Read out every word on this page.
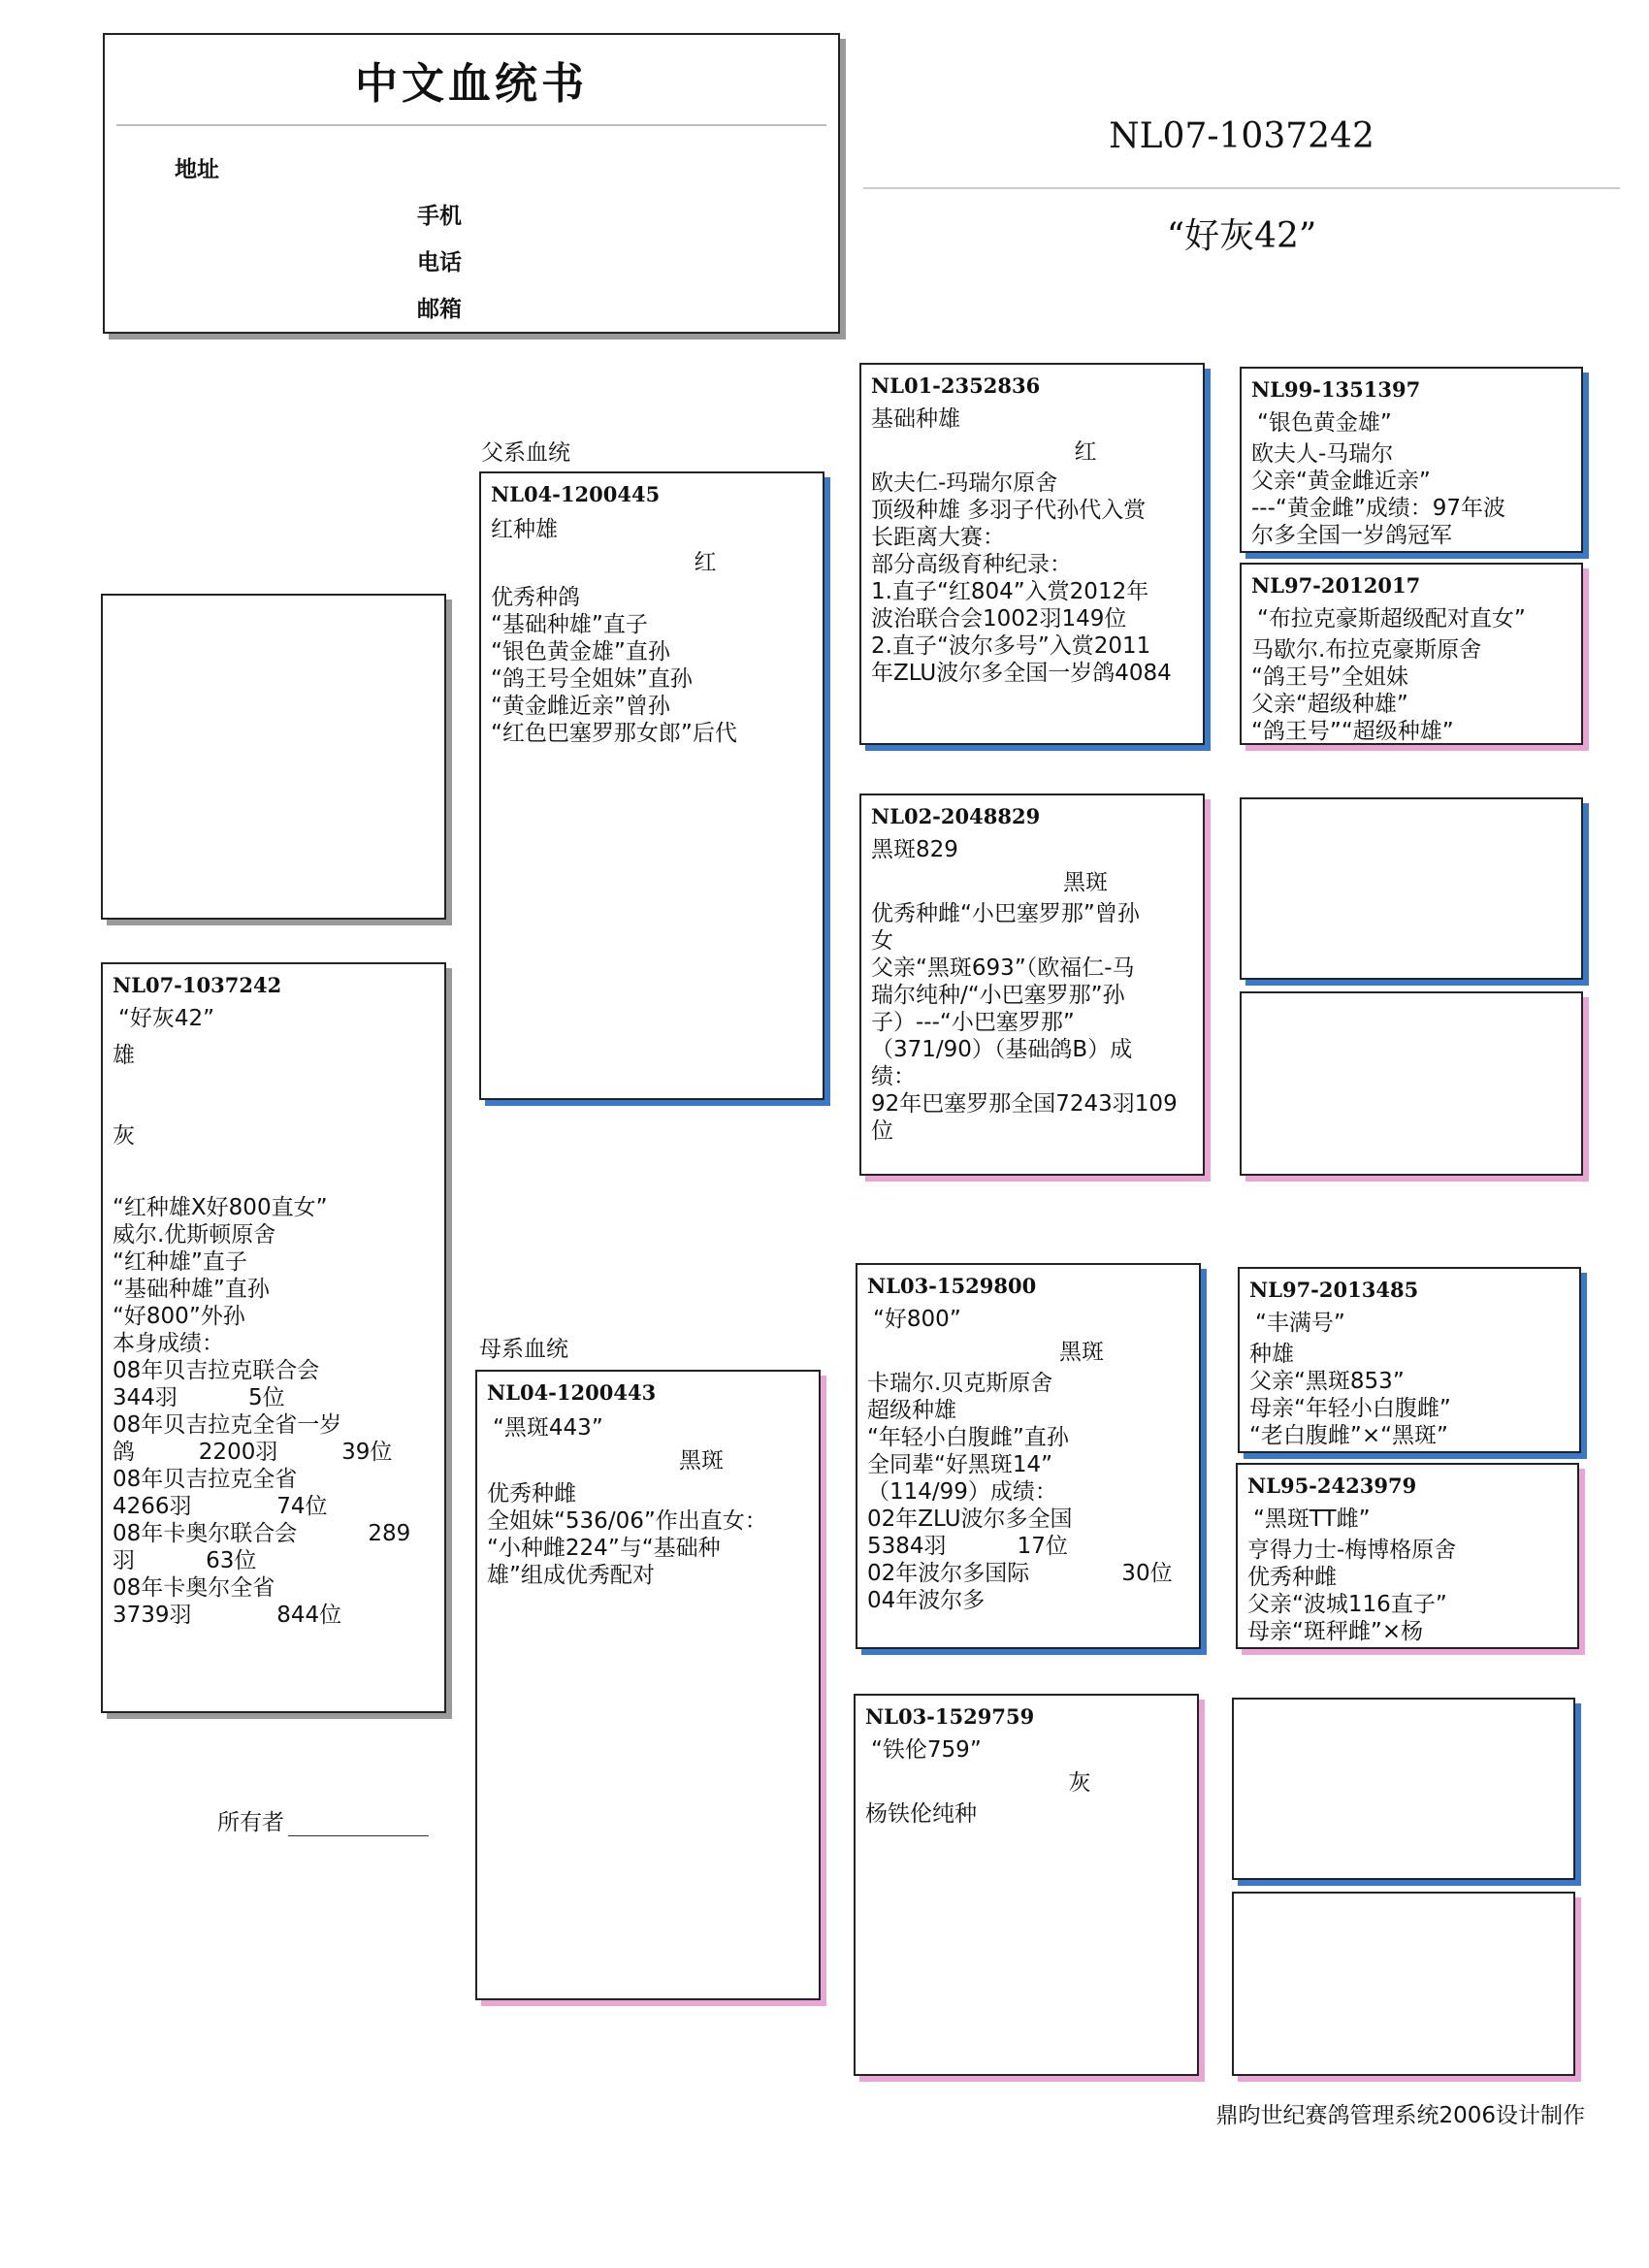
中文血统书
地址
手机
电话
邮箱
NL07-1037242
“好灰42”
NL07-1037242
“好灰42”
雄
灰
“红种雄X好800直女”
威尔.优斯顿原舍
“红种雄”直子
“基础种雄”直孙
“好800”外孙
本身成绩：
08年贝吉拉克联合会
344羽          5位
08年贝吉拉克全省一岁
鸽         2200羽         39位
08年贝吉拉克全省
4266羽            74位
08年卡奥尔联合会          289
羽          63位
08年卡奥尔全省
3739羽            844位
父系血统
母系血统
NL04-1200445
红种雄
红
优秀种鸽
“基础种雄”直子
“银色黄金雄”直孙
“鸽王号全姐妹”直孙
“黄金雌近亲”曾孙
“红色巴塞罗那女郎”后代
NL04-1200443
“黑斑443”
黑斑
优秀种雌
全姐妹“536/06”作出直女：
“小种雌224”与“基础种
雄”组成优秀配对
NL01-2352836
基础种雄
红
欧夫仁-玛瑞尔原舍
顶级种雄 多羽子代孙代入赏
长距离大赛：
部分高级育种纪录：
1.直子“红804”入赏2012年
波治联合会1002羽149位
2.直子“波尔多号”入赏2011
年ZLU波尔多全国一岁鸽4084
NL02-2048829
黑斑829
黑斑
优秀种雌“小巴塞罗那”曾孙
女
父亲“黑斑693”（欧福仁-马
瑞尔纯种/“小巴塞罗那”孙
子）---“小巴塞罗那”
（371/90）（基础鸽B）成
绩：
92年巴塞罗那全国7243羽109
位
NL03-1529800
“好800”
黑斑
卡瑞尔.贝克斯原舍
超级种雄
“年轻小白腹雌”直孙
全同辈“好黑斑14”
（114/99）成绩：
02年ZLU波尔多全国
5384羽          17位
02年波尔多国际             30位
04年波尔多
NL03-1529759
“铁伦759”
灰
杨铁伦纯种
NL99-1351397
“银色黄金雄”
欧夫人-马瑞尔
父亲“黄金雌近亲”
---“黄金雌”成绩：97年波
尔多全国一岁鸽冠军
NL97-2012017
“布拉克豪斯超级配对直女”
马歇尔.布拉克豪斯原舍
“鸽王号”全姐妹
父亲“超级种雄”
“鸽王号”“超级种雄”
NL97-2013485
“丰满号”
种雄
父亲“黑斑853”
母亲“年轻小白腹雌”
“老白腹雌”×“黑斑”
NL95-2423979
“黑斑TT雌”
亨得力士-梅博格原舍
优秀种雌
父亲“波城116直子”
母亲“斑秤雌”×杨
所有者
鼎昀世纪赛鸽管理系统2006设计制作
